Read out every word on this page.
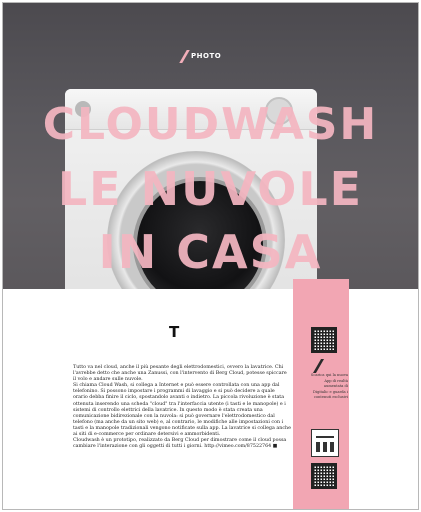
PHOTO
CLOUDWASH
LE NUVOLE
IN CASA
Scarica qui la nuova App di realtà aumentata di Digitalic e guarda i contenuti esclusivi
T

Tutto va nel cloud, anche il più pesante degli elettrodomestici, ovvero la lavatrice. Chi l'avrebbe detto che anche una Zanussi, con l'intervento di Berg Cloud, potesse spiccare il volo e andare sulle nuvole.

Si chiama Cloud Wash, si collega a Internet e può essere controllata con una app dal telefonino. Si possono impostare i programmi di lavaggio e si può decidere a quale orario debba finire il ciclo, spostandolo avanti o indietro. La piccola rivoluzione è stata ottenuta inserendo una scheda "cloud" tra l'interfaccia utente (i tasti e le manopole) e i sistemi di controllo elettrici della lavatrice. In questo modo è stata creata una comunicazione bidirezionale con la nuvola: si può governare l'elettrodomestico dal telefono (ma anche da un sito web) e, al contrario, le modifiche alle impostazioni con i tasti e la manopole tradizionali vengono notificate sulla app. La lavatrice si collega anche ai siti di e-commerce per ordinare detersivi e ammorbidenti.

Cloudwash è un prototipo, realizzato da Berg Cloud per dimostrare come il cloud possa cambiare l'interazione con gli oggetti di tutti i giorni. http://vimeo.com/87522764 ■
